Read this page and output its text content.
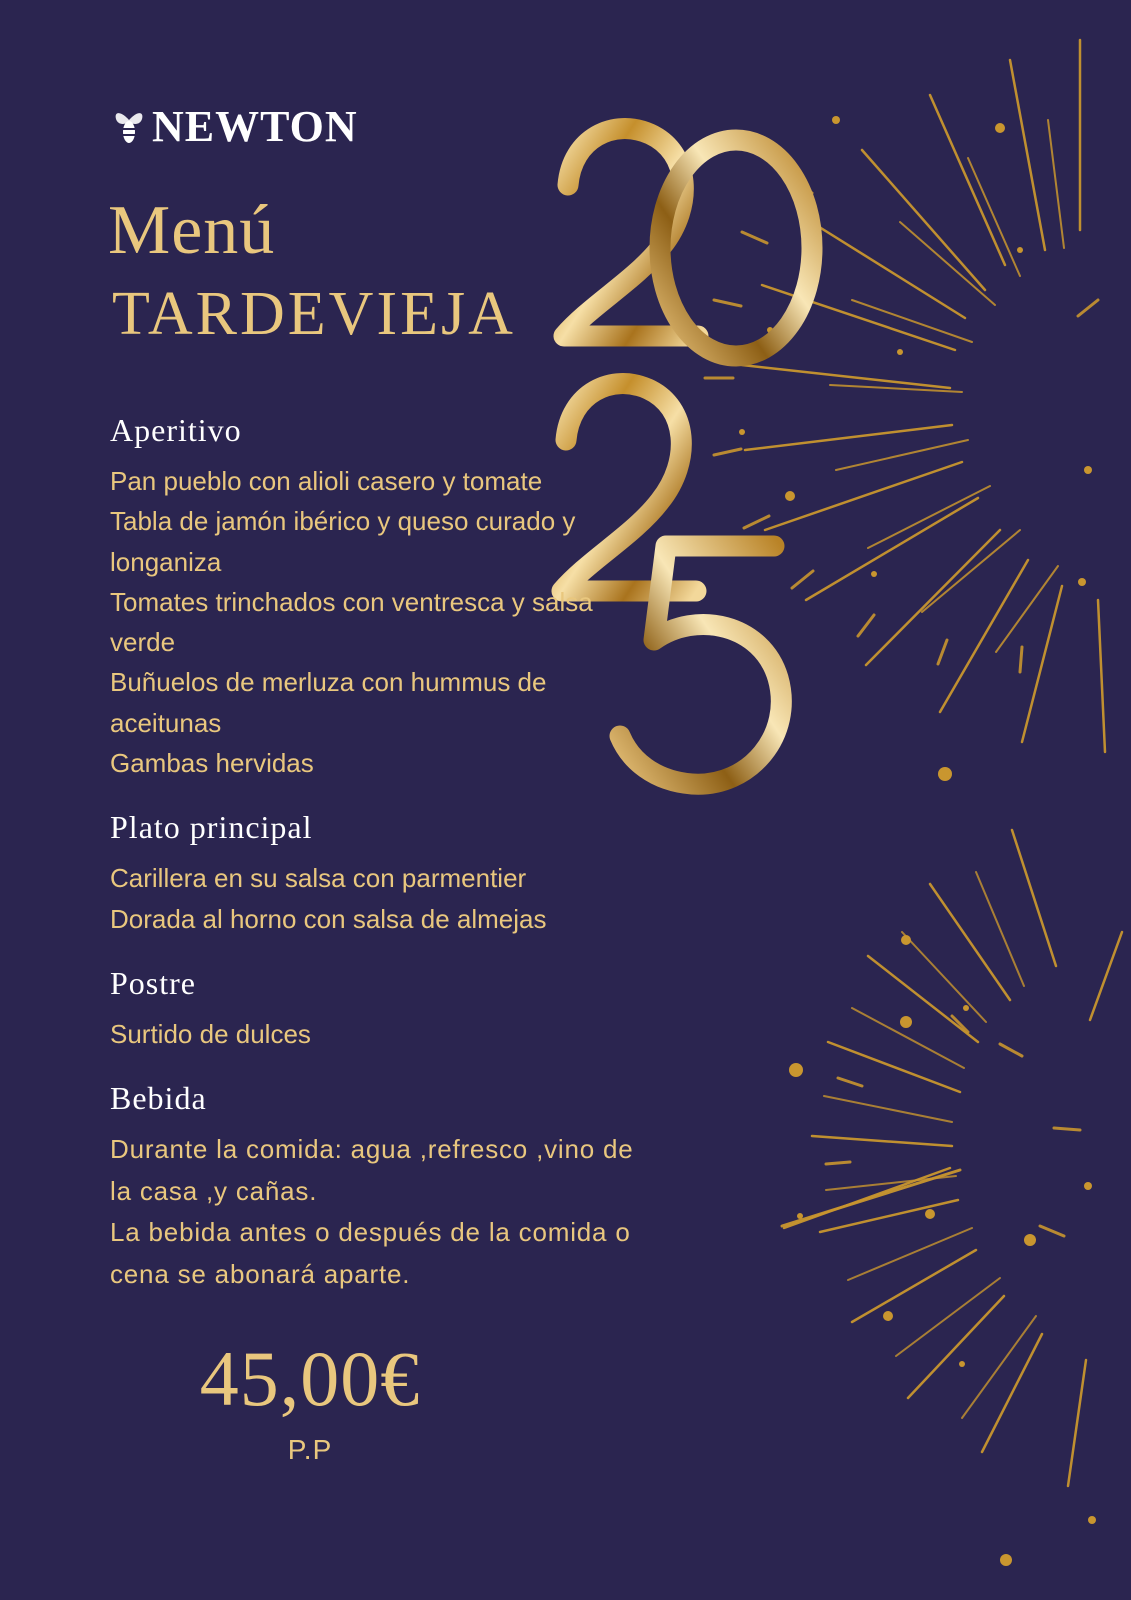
NEWTON
Menú
TARDEVIEJA
Aperitivo
Pan pueblo con alioli casero y tomate
Tabla de jamón ibérico y queso curado y longaniza
Tomates trinchados con ventresca y salsa verde
Buñuelos de merluza con hummus de aceitunas
Gambas hervidas
Plato principal
Carillera en su salsa con parmentier
Dorada al horno con salsa de almejas
Postre
Surtido de dulces
Bebida
Durante la comida: agua ,refresco ,vino de la casa ,y cañas.
La bebida antes o después de la comida o cena se abonará aparte.
45,00€
P.P
